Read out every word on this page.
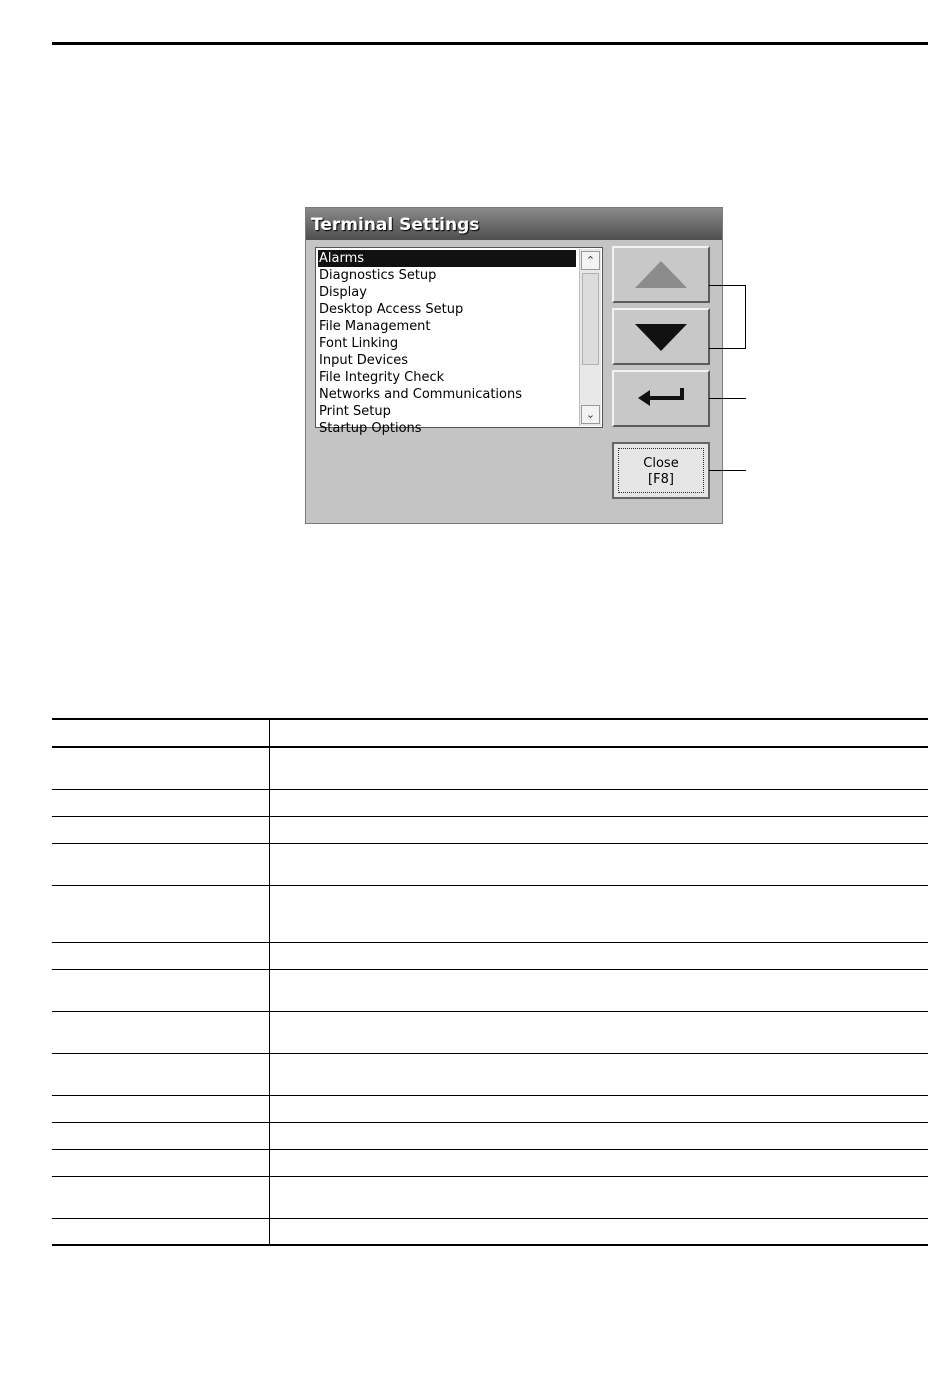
Terminal Settings
Alarms
Diagnostics Setup
Display
Desktop Access Setup
File Management
Font Linking
Input Devices
File Integrity Check
Networks and Communications
Print Setup
Startup Options
⌃
⌄
Close
[F8]
